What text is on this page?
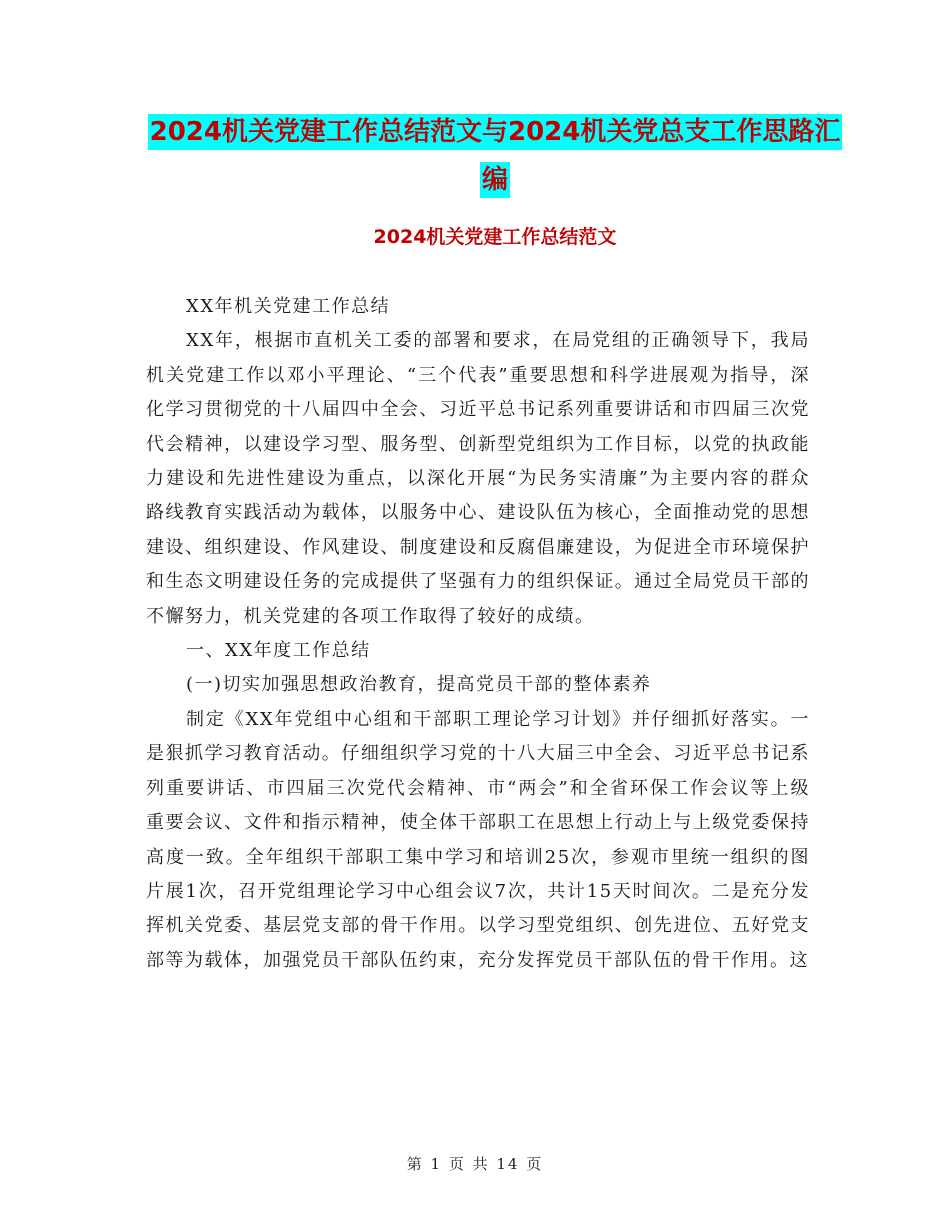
2024机关党建工作总结范文与2024机关党总支工作思路汇编
2024机关党建工作总结范文

XX年机关党建工作总结

XX年，根据市直机关工委的部署和要求，在局党组的正确领导下，我局机关党建工作以邓小平理论、“三个代表”重要思想和科学进展观为指导，深化学习贯彻党的十八届四中全会、习近平总书记系列重要讲话和市四届三次党代会精神，以建设学习型、服务型、创新型党组织为工作目标，以党的执政能力建设和先进性建设为重点，以深化开展“为民务实清廉”为主要内容的群众路线教育实践活动为载体，以服务中心、建设队伍为核心，全面推动党的思想建设、组织建设、作风建设、制度建设和反腐倡廉建设，为促进全市环境保护和生态文明建设任务的完成提供了坚强有力的组织保证。通过全局党员干部的不懈努力，机关党建的各项工作取得了较好的成绩。

一、XX年度工作总结

(一)切实加强思想政治教育，提高党员干部的整体素养

制定《XX年党组中心组和干部职工理论学习计划》并仔细抓好落实。一是狠抓学习教育活动。仔细组织学习党的十八大届三中全会、习近平总书记系列重要讲话、市四届三次党代会精神、市“两会”和全省环保工作会议等上级重要会议、文件和指示精神，使全体干部职工在思想上行动上与上级党委保持高度一致。全年组织干部职工集中学习和培训25次，参观市里统一组织的图片展1次，召开党组理论学习中心组会议7次，共计15天时间次。二是充分发挥机关党委、基层党支部的骨干作用。以学习型党组织、创先进位、五好党支部等为载体，加强党员干部队伍约束，充分发挥党员干部队伍的骨干作用。这

第 1 页 共 14 页
